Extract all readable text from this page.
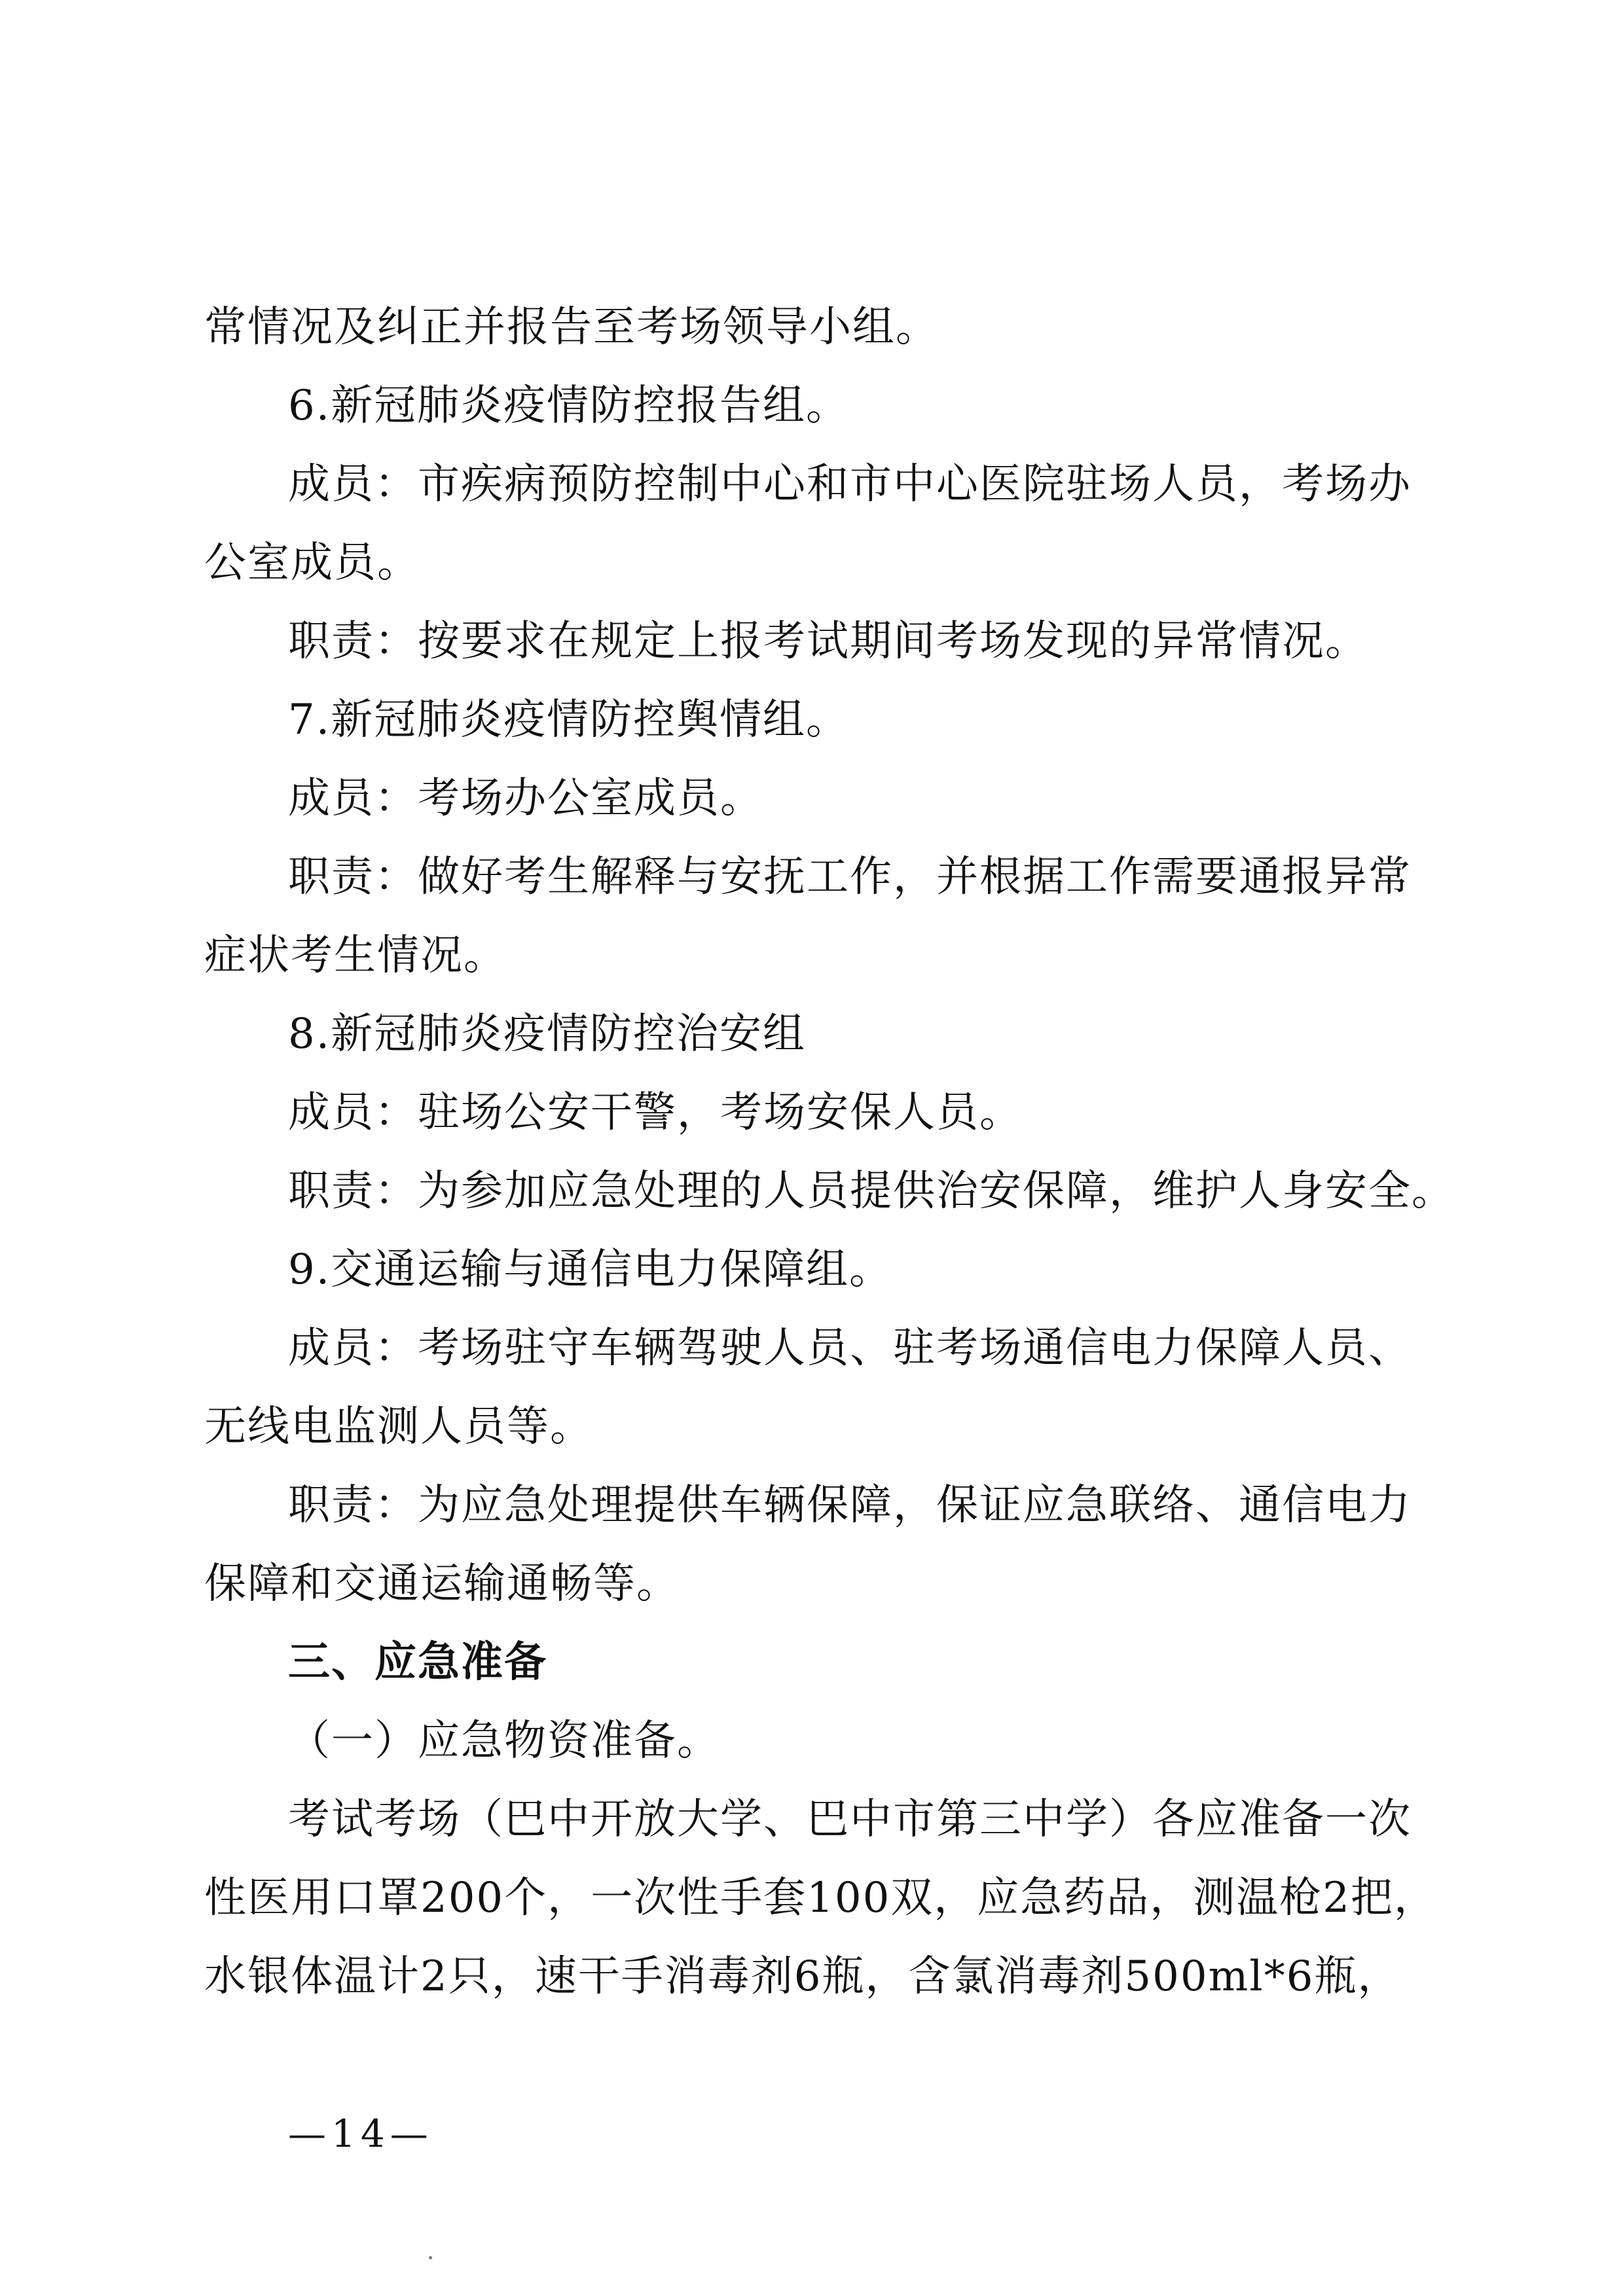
常情况及纠正并报告至考场领导小组。
6.新冠肺炎疫情防控报告组。
成员：市疾病预防控制中心和市中心医院驻场人员，考场办
公室成员。
职责：按要求在规定上报考试期间考场发现的异常情况。
7.新冠肺炎疫情防控舆情组。
成员：考场办公室成员。
职责：做好考生解释与安抚工作，并根据工作需要通报异常
症状考生情况。
8.新冠肺炎疫情防控治安组
成员：驻场公安干警，考场安保人员。
职责：为参加应急处理的人员提供治安保障，维护人身安全。
9.交通运输与通信电力保障组。
成员：考场驻守车辆驾驶人员、驻考场通信电力保障人员、
无线电监测人员等。
职责：为应急处理提供车辆保障，保证应急联络、通信电力
保障和交通运输通畅等。
三、应急准备
（一）应急物资准备。
考试考场（巴中开放大学、巴中市第三中学）各应准备一次
性医用口罩200个，一次性手套100双，应急药品，测温枪2把，
水银体温计2只，速干手消毒剂6瓶，含氯消毒剂500ml*6瓶，
—14—
